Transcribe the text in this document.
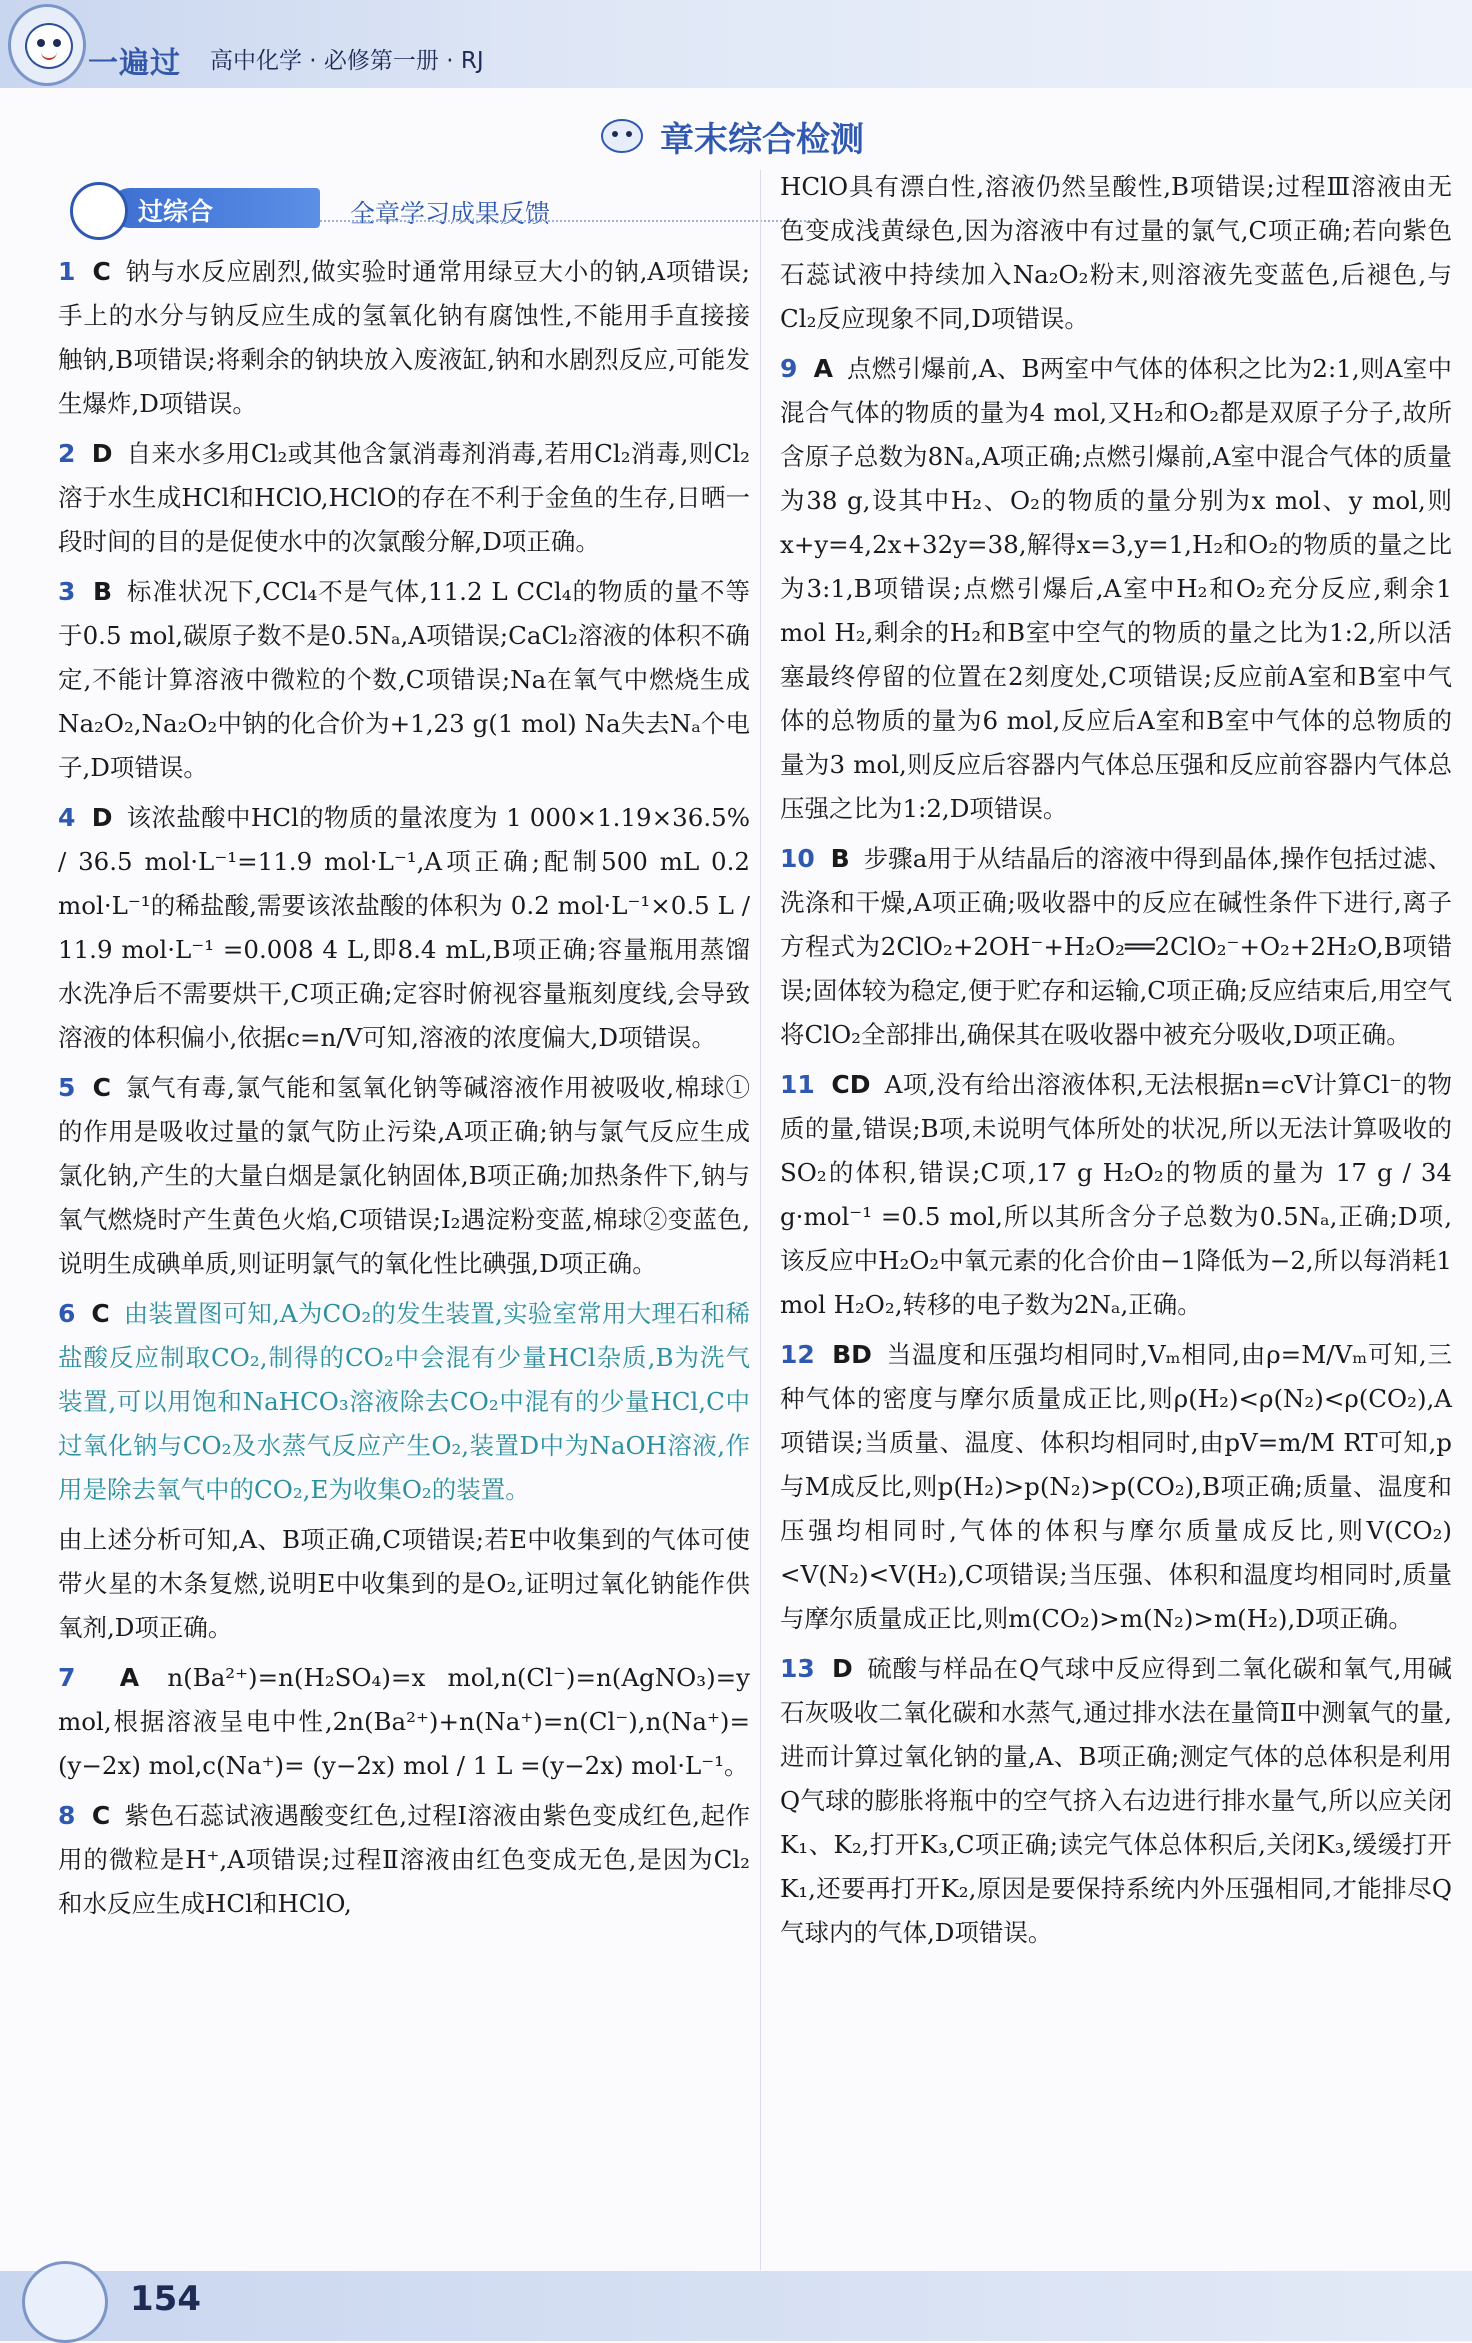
一遍过 高中化学 · 必修第一册 · RJ
章末综合检测
过综合	全章学习成果反馈

1 C 钠与水反应剧烈,做实验时通常用绿豆大小的钠,A项错误;手上的水分与钠反应生成的氢氧化钠有腐蚀性,不能用手直接接触钠,B项错误;将剩余的钠块放入废液缸,钠和水剧烈反应,可能发生爆炸,D项错误。

2 D 自来水多用Cl₂或其他含氯消毒剂消毒,若用Cl₂消毒,则Cl₂溶于水生成HCl和HClO,HClO的存在不利于金鱼的生存,日晒一段时间的目的是促使水中的次氯酸分解,D项正确。

3 B 标准状况下,CCl₄不是气体,11.2 L CCl₄的物质的量不等于0.5 mol,碳原子数不是0.5Nₐ,A项错误;CaCl₂溶液的体积不确定,不能计算溶液中微粒的个数,C项错误;Na在氧气中燃烧生成Na₂O₂,Na₂O₂中钠的化合价为+1,23 g(1 mol) Na失去Nₐ个电子,D项错误。

4 D 该浓盐酸中HCl的物质的量浓度为 1 000×1.19×36.5% / 36.5 mol·L⁻¹=11.9 mol·L⁻¹,A项正确;配制500 mL 0.2 mol·L⁻¹的稀盐酸,需要该浓盐酸的体积为 0.2 mol·L⁻¹×0.5 L / 11.9 mol·L⁻¹ =0.008 4 L,即8.4 mL,B项正确;容量瓶用蒸馏水洗净后不需要烘干,C项正确;定容时俯视容量瓶刻度线,会导致溶液的体积偏小,依据c=n/V可知,溶液的浓度偏大,D项错误。

5 C 氯气有毒,氯气能和氢氧化钠等碱溶液作用被吸收,棉球①的作用是吸收过量的氯气防止污染,A项正确;钠与氯气反应生成氯化钠,产生的大量白烟是氯化钠固体,B项正确;加热条件下,钠与氧气燃烧时产生黄色火焰,C项错误;I₂遇淀粉变蓝,棉球②变蓝色,说明生成碘单质,则证明氯气的氧化性比碘强,D项正确。

6 C 由装置图可知,A为CO₂的发生装置,实验室常用大理石和稀盐酸反应制取CO₂,制得的CO₂中会混有少量HCl杂质,B为洗气装置,可以用饱和NaHCO₃溶液除去CO₂中混有的少量HCl,C中过氧化钠与CO₂及水蒸气反应产生O₂,装置D中为NaOH溶液,作用是除去氧气中的CO₂,E为收集O₂的装置。

由上述分析可知,A、B项正确,C项错误;若E中收集到的气体可使带火星的木条复燃,说明E中收集到的是O₂,证明过氧化钠能作供氧剂,D项正确。

7 A n(Ba²⁺)=n(H₂SO₄)=x mol,n(Cl⁻)=n(AgNO₃)=y mol,根据溶液呈电中性,2n(Ba²⁺)+n(Na⁺)=n(Cl⁻),n(Na⁺)=(y−2x) mol,c(Na⁺)= (y−2x) mol / 1 L =(y−2x) mol·L⁻¹。

8 C 紫色石蕊试液遇酸变红色,过程Ⅰ溶液由紫色变成红色,起作用的微粒是H⁺,A项错误;过程Ⅱ溶液由红色变成无色,是因为Cl₂和水反应生成HCl和HClO,

HClO具有漂白性,溶液仍然呈酸性,B项错误;过程Ⅲ溶液由无色变成浅黄绿色,因为溶液中有过量的氯气,C项正确;若向紫色石蕊试液中持续加入Na₂O₂粉末,则溶液先变蓝色,后褪色,与Cl₂反应现象不同,D项错误。

9 A 点燃引爆前,A、B两室中气体的体积之比为2:1,则A室中混合气体的物质的量为4 mol,又H₂和O₂都是双原子分子,故所含原子总数为8Nₐ,A项正确;点燃引爆前,A室中混合气体的质量为38 g,设其中H₂、O₂的物质的量分别为x mol、y mol,则x+y=4,2x+32y=38,解得x=3,y=1,H₂和O₂的物质的量之比为3:1,B项错误;点燃引爆后,A室中H₂和O₂充分反应,剩余1 mol H₂,剩余的H₂和B室中空气的物质的量之比为1:2,所以活塞最终停留的位置在2刻度处,C项错误;反应前A室和B室中气体的总物质的量为6 mol,反应后A室和B室中气体的总物质的量为3 mol,则反应后容器内气体总压强和反应前容器内气体总压强之比为1:2,D项错误。

10 B 步骤a用于从结晶后的溶液中得到晶体,操作包括过滤、洗涤和干燥,A项正确;吸收器中的反应在碱性条件下进行,离子方程式为2ClO₂+2OH⁻+H₂O₂══2ClO₂⁻+O₂+2H₂O,B项错误;固体较为稳定,便于贮存和运输,C项正确;反应结束后,用空气将ClO₂全部排出,确保其在吸收器中被充分吸收,D项正确。

11 CD A项,没有给出溶液体积,无法根据n=cV计算Cl⁻的物质的量,错误;B项,未说明气体所处的状况,所以无法计算吸收的SO₂的体积,错误;C项,17 g H₂O₂的物质的量为 17 g / 34 g·mol⁻¹ =0.5 mol,所以其所含分子总数为0.5Nₐ,正确;D项,该反应中H₂O₂中氧元素的化合价由−1降低为−2,所以每消耗1 mol H₂O₂,转移的电子数为2Nₐ,正确。

12 BD 当温度和压强均相同时,Vₘ相同,由ρ=M/Vₘ可知,三种气体的密度与摩尔质量成正比,则ρ(H₂)<ρ(N₂)<ρ(CO₂),A项错误;当质量、温度、体积均相同时,由pV=m/M RT可知,p与M成反比,则p(H₂)>p(N₂)>p(CO₂),B项正确;质量、温度和压强均相同时,气体的体积与摩尔质量成反比,则V(CO₂)<V(N₂)<V(H₂),C项错误;当压强、体积和温度均相同时,质量与摩尔质量成正比,则m(CO₂)>m(N₂)>m(H₂),D项正确。

13 D 硫酸与样品在Q气球中反应得到二氧化碳和氧气,用碱石灰吸收二氧化碳和水蒸气,通过排水法在量筒Ⅱ中测氧气的量,进而计算过氧化钠的量,A、B项正确;测定气体的总体积是利用Q气球的膨胀将瓶中的空气挤入右边进行排水量气,所以应关闭K₁、K₂,打开K₃,C项正确;读完气体总体积后,关闭K₃,缓缓打开K₁,还要再打开K₂,原因是要保持系统内外压强相同,才能排尽Q气球内的气体,D项错误。

154
